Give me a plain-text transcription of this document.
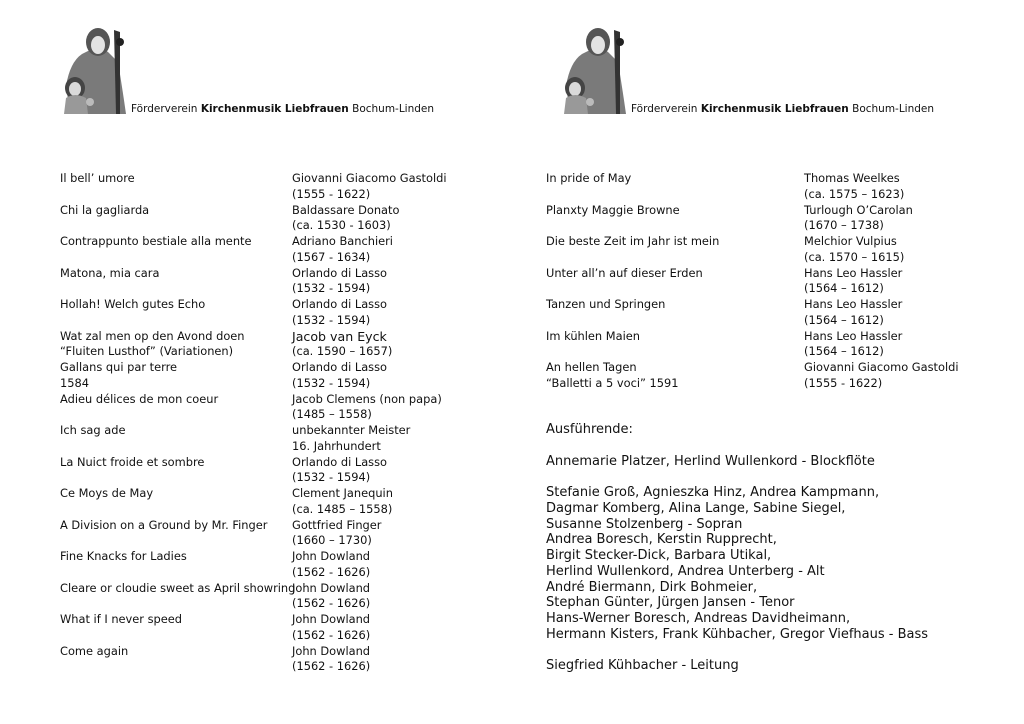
Förderverein Kirchenmusik Liebfrauen Bochum-Linden	Förderverein Kirchenmusik Liebfrauen Bochum-Linden
Il bell’ umore
Chi la gagliarda
Contrappunto bestiale alla mente
Matona, mia cara
Hollah! Welch gutes Echo
Wat zal men op den Avond doen
“Fluiten Lusthof” (Variationen)
Gallans qui par terre
1584
Adieu délices de mon coeur
Ich sag ade
La Nuict froide et sombre
Ce Moys de May
A Division on a Ground by Mr. Finger
Fine Knacks for Ladies
Cleare or cloudie sweet as April showring
What if I never speed
Come again
Giovanni Giacomo Gastoldi
(1555 - 1622)
Baldassare Donato
(ca. 1530 - 1603)
Adriano Banchieri
(1567 - 1634)
Orlando di Lasso
(1532 - 1594)
Orlando di Lasso
(1532 - 1594)
Jacob van Eyck
(ca. 1590 – 1657)
Orlando di Lasso
(1532 - 1594)
Jacob Clemens (non papa)
(1485 – 1558)
unbekannter Meister
16. Jahrhundert
Orlando di Lasso
(1532 - 1594)
Clement Janequin
(ca. 1485 – 1558)
Gottfried Finger
(1660 – 1730)
John Dowland
(1562 - 1626)
John Dowland
(1562 - 1626)
John Dowland
(1562 - 1626)
John Dowland
(1562 - 1626)
In pride of May
Planxty Maggie Browne
Die beste Zeit im Jahr ist mein
Unter all’n auf dieser Erden
Tanzen und Springen
Im kühlen Maien
An hellen Tagen
“Balletti a 5 voci” 1591
Thomas Weelkes
(ca. 1575 – 1623)
Turlough O’Carolan
(1670 – 1738)
Melchior Vulpius
(ca. 1570 – 1615)
Hans Leo Hassler
(1564 – 1612)
Hans Leo Hassler
(1564 – 1612)
Hans Leo Hassler
(1564 – 1612)
Giovanni Giacomo Gastoldi
(1555 - 1622)
Ausführende:
Annemarie Platzer, Herlind Wullenkord - Blockflöte
Stefanie Groß, Agnieszka Hinz, Andrea Kampmann,
Dagmar Komberg, Alina Lange, Sabine Siegel,
Susanne Stolzenberg - Sopran
Andrea Boresch, Kerstin Rupprecht,
Birgit Stecker-Dick, Barbara Utikal,
Herlind Wullenkord, Andrea Unterberg - Alt
André Biermann, Dirk Bohmeier,
Stephan Günter, Jürgen Jansen - Tenor
Hans-Werner Boresch, Andreas Davidheimann,
Hermann Kisters, Frank Kühbacher, Gregor Viefhaus - Bass
Siegfried Kühbacher - Leitung
